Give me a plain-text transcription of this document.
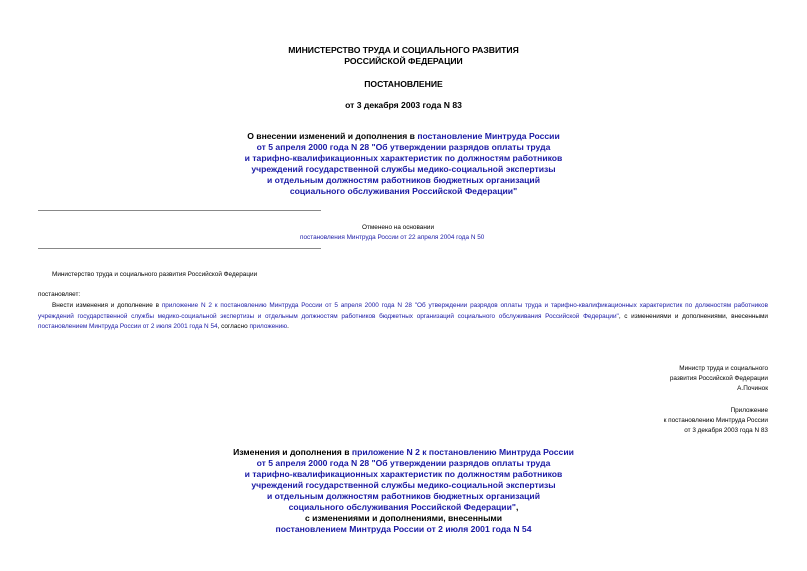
МИНИСТЕРСТВО ТРУДА И СОЦИАЛЬНОГО РАЗВИТИЯ
РОССИЙСКОЙ ФЕДЕРАЦИИ
ПОСТАНОВЛЕНИЕ
от 3 декабря 2003 года N 83
О внесении изменений и дополнения в постановление Минтруда России
от 5 апреля 2000 года N 28 "Об утверждении разрядов оплаты труда
и тарифно-квалификационных характеристик по должностям работников
учреждений государственной службы медико-социальной экспертизы
и отдельным должностям работников бюджетных организаций
социального обслуживания Российской Федерации"
Отменено на основании
постановления Минтруда России от 22 апреля 2004 года N 50
Министерство труда и социального развития Российской Федерации
постановляет:
Внести изменения и дополнение в приложение N 2 к постановлению Минтруда России от 5 апреля 2000 года N 28 "Об утверждении разрядов оплаты труда и тарифно-квалификационных характеристик по должностям работников учреждений государственной службы медико-социальной экспертизы и отдельным должностям работников бюджетных организаций социального обслуживания Российской Федерации", с изменениями и дополнениями, внесенными постановлением Минтруда России от 2 июля 2001 года N 54, согласно приложению.
Министр труда и социального
развития Российской Федерации
А.Починок
Приложение
к постановлению Минтруда России
от 3 декабря 2003 года N 83
Изменения и дополнения в приложение N 2 к постановлению Минтруда России
от 5 апреля 2000 года N 28 "Об утверждении разрядов оплаты труда
и тарифно-квалификационных характеристик по должностям работников
учреждений государственной службы медико-социальной экспертизы
и отдельным должностям работников бюджетных организаций
социального обслуживания Российской Федерации",
с изменениями и дополнениями, внесенными
постановлением Минтруда России от 2 июля 2001 года N 54
